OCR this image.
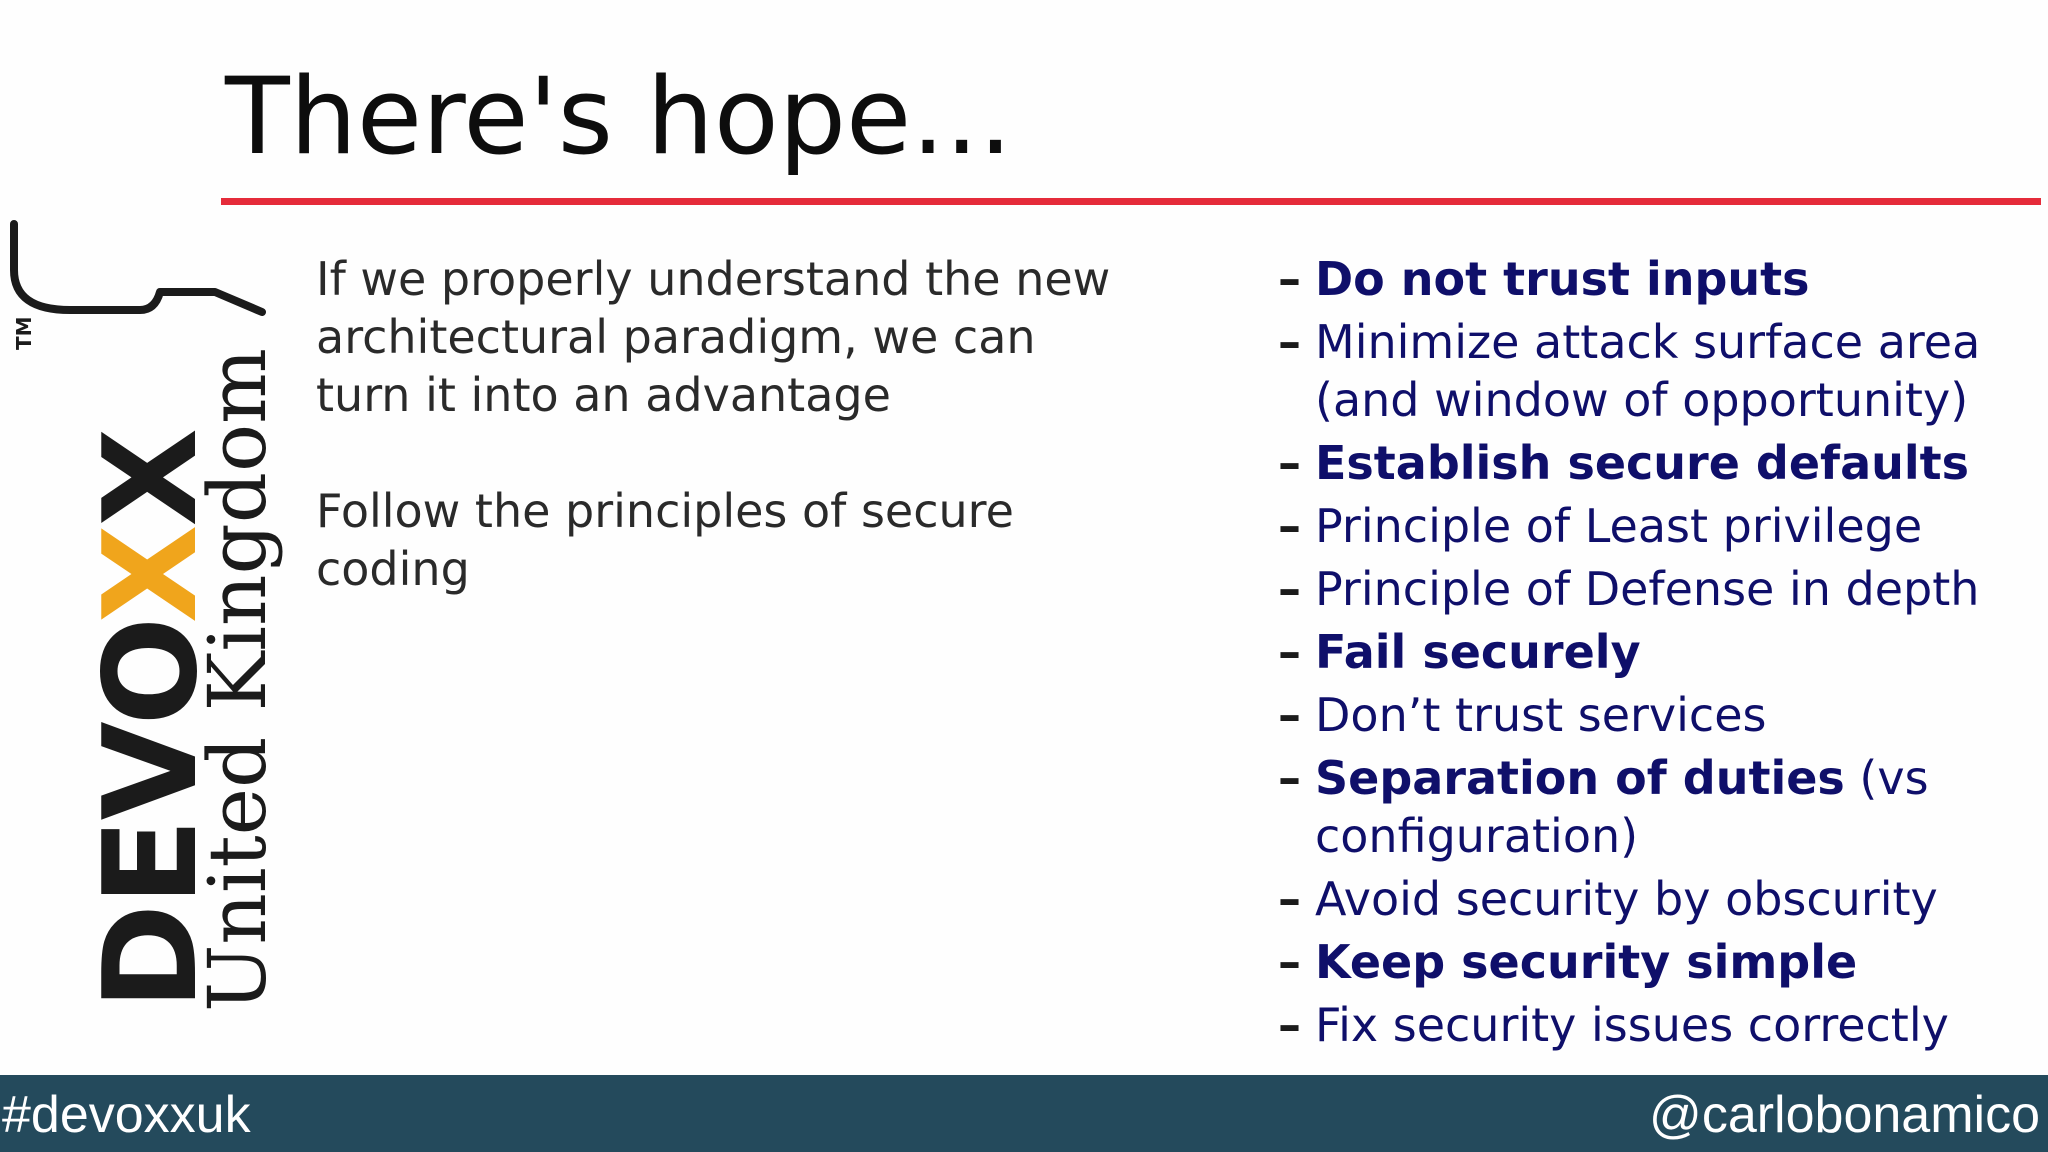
There's hope...
TM
DEVOXX
United Kingdom

If we properly understand the new architectural paradigm, we can turn it into an advantage

Follow the principles of secure coding

– Do not trust inputs
– Minimize attack surface area (and window of opportunity)
– Establish secure defaults
– Principle of Least privilege
– Principle of Defense in depth
– Fail securely
– Don’t trust services
– Separation of duties (vs configuration)
– Avoid security by obscurity
– Keep security simple
– Fix security issues correctly
#devoxxuk	@carlobonamico
